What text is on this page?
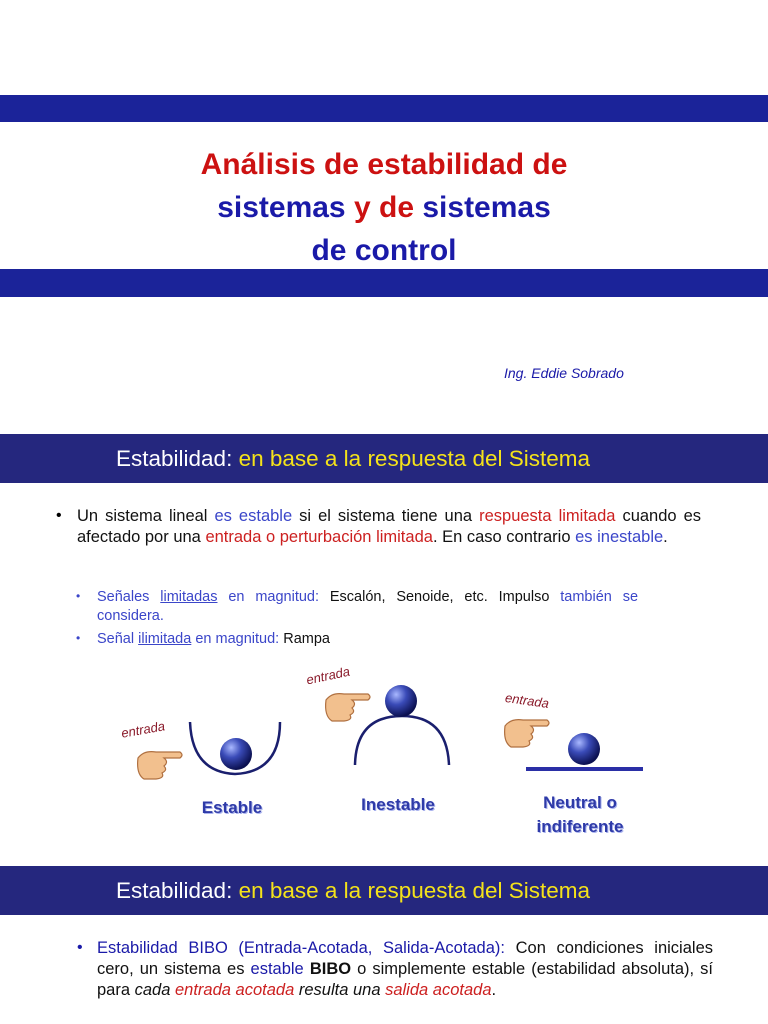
Análisis de estabilidad de
sistemas y de sistemas
de control
Ing. Eddie Sobrado
Estabilidad: en base a la respuesta del Sistema
• Un sistema lineal es estable si el sistema tiene una respuesta limitada cuando es afectado por una entrada o perturbación limitada. En caso contrario es inestable.
• Señales limitadas en magnitud: Escalón, Senoide, etc. Impulso también se considera.
• Señal ilimitada en magnitud: Rampa
entrada
entrada
entrada
Estable	Inestable	Neutral o
indiferente
Estabilidad: en base a la respuesta del Sistema
• Estabilidad BIBO (Entrada-Acotada, Salida-Acotada): Con condiciones iniciales cero, un sistema es estable BIBO o simplemente estable (estabilidad absoluta), sí para cada entrada acotada resulta una salida acotada.
